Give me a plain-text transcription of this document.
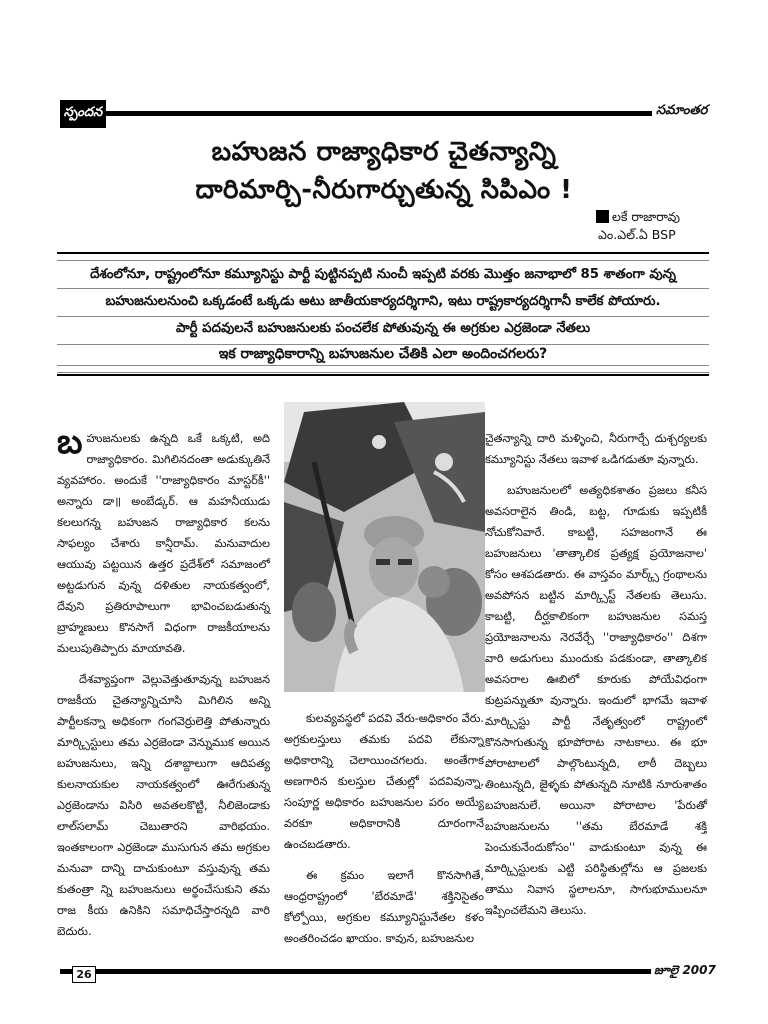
స్పందన	సమాంతర
బహుజన రాజ్యాధికార చైతన్యాన్ని
దారిమార్చి-నీరుగార్చుతున్న సిపిఎం !
లకే రాజారావు
ఎం.ఎల్.ఏ BSP
దేశంలోనూ, రాష్ట్రంలోనూ కమ్యూనిస్టు పార్టీ పుట్టినప్పటి నుంచీ ఇప్పటి వరకు మొత్తం జనాభాలో 85 శాతంగా వున్న
బహుజనులనుంచి ఒక్కడంటే ఒక్కడు అటు జాతీయకార్యదర్శిగాని, ఇటు రాష్ట్రకార్యదర్శిగానీ కాలేక పోయారు.
పార్టీ పదవులనే బహుజనులకు పంచలేక పోతువున్న ఈ అగ్రకుల ఎర్రజెండా నేతలు
ఇక రాజ్యాధికారాన్ని బహుజనుల చేతికి ఎలా అందించగలరు?

బహుజనులకు ఉన్నది ఒకే ఒక్కటి, అది రాజ్యాధికారం. మిగిలినదంతా అడుక్కుతినే వ్యవహారం. అందుకే ''రాజ్యాధికారం మాస్టర్‌కీ'' అన్నారు డా॥ అంబేడ్కర్. ఆ మహనీయుడు కలలుగన్న బహుజన రాజ్యాధికార కలను సాఫల్యం చేశారు కాన్షీరామ్. మనువాదుల ఆయువు పట్టయిన ఉత్తర ప్రదేశ్‌లో సమాజంలో అట్టడుగున వున్న దళితుల నాయకత్వంలో, దేవుని ప్రతిరూపాలుగా భావించబడుతున్న బ్రాహ్మణులు కొనసాగే విధంగా రాజకీయాలను మలుపుతిప్పారు మాయావతి.

దేశవ్యాప్తంగా వెల్లువెత్తుతూవున్న బహుజన రాజకీయ చైతన్యాన్నిచూసి మిగిలిన అన్ని పార్టీలకన్నా అధికంగా గంగవెర్రులెత్తి పోతున్నారు మార్క్సిస్టులు తమ ఎర్రజెండా వెన్నుముక అయిన బహుజనులు, ఇన్ని దశాబ్దాలుగా ఆదిపత్య కులనాయకుల నాయకత్వంలో ఊరేగుతున్న ఎర్రజెండాను విసిరి అవతలకొట్టి, నీలిజెండాకు లాల్‌సలామ్ చెబుతారని వారిభయం. ఇంతకాలంగా ఎర్రజెండా ముసుగున తమ అగ్రకుల మనువా దాన్ని దాచుకుంటూ వస్తువున్న తమ కుతంత్రా న్ని బహుజనులు అర్థంచేసుకుని తమ రాజ కీయ ఉనికిని సమాధిచేస్తారన్నది వారి బెదురు.

కులవ్యవస్థలో పదవి వేరు-అధికారం వేరు. అగ్రకులస్తులు తమకు పదవి లేకున్నా అధికారాన్ని చెలాయించగలరు. అంతేగాక అణగారిన కులస్తుల చేతుల్లో పదవివున్నా, సంపూర్ణ అధికారం బహుజనుల పరం అయ్యే వరకూ అధికారానికి దూరంగానే ఉంచబడతారు.

ఈ క్రమం ఇలాగే కొనసాగితే, ఆంధ్రరాష్ట్రంలో 'బేరమాడే' శక్తినిసైతం కోల్పోయి, అగ్రకుల కమ్యూనిస్టునేతల కళం అంతరించడం ఖాయం. కావున, బహుజనుల

చైతన్యాన్ని దారి మళ్ళించి, నీరుగార్చే దుశ్చర్యలకు కమ్యూనిస్టు నేతలు ఇవాళ ఒడిగడుతూ వున్నారు.

బహుజనులలో అత్యధికశాతం ప్రజలు కనీస అవసరాలైన తిండి, బట్ట, గూడుకు ఇప్పటికీ నోచుకోనివారే. కాబట్టి, సహజంగానే ఈ బహుజనులు 'తాత్కాలిక ప్రత్యక్ష ప్రయోజనాల' కోసం ఆశపడతారు. ఈ వాస్తవం మార్క్స్ గ్రంథాలను అవపోసన బట్టిన మార్క్సిస్ట్ నేతలకు తెలుసు. కాబట్టి, దీర్ఘకాలికంగా బహుజనుల సమస్త ప్రయోజనాలను నెరవేర్చే ''రాజ్యాధికారం'' దిశగా వారి అడుగులు ముందుకు పడకుండా, తాత్కాలిక అవసరాల ఊబిలో కూరుకు పోయేవిధంగా కుట్రపన్నుతూ వున్నారు. ఇందులో భాగమే ఇవాళ మార్క్సిస్టు పార్టీ నేతృత్వంలో రాష్ట్రంలో కొనసాగుతున్న భూపోరాట నాటకాలు. ఈ భూ పోరాటాలలో పాల్గొంటున్నది, లాఠీ దెబ్బలు తింటున్నది, జైళ్ళకు పోతున్నది నూటికి నూరుశాతం బహుజనులే. అయినా పోరాటాల 'పేరుతో బహుజనులను ''తమ బేరమాడే శక్తి పెంచుకునేందుకోసం'' వాడుకుంటూ వున్న ఈ మార్క్సిస్టులకు ఎట్టి పరిస్థితుల్లోను ఆ ప్రజలకు తాము నివాస స్థలాలనూ, సాగుభూములనూ ఇప్పించలేమని తెలుసు.

26	జూలై 2007
